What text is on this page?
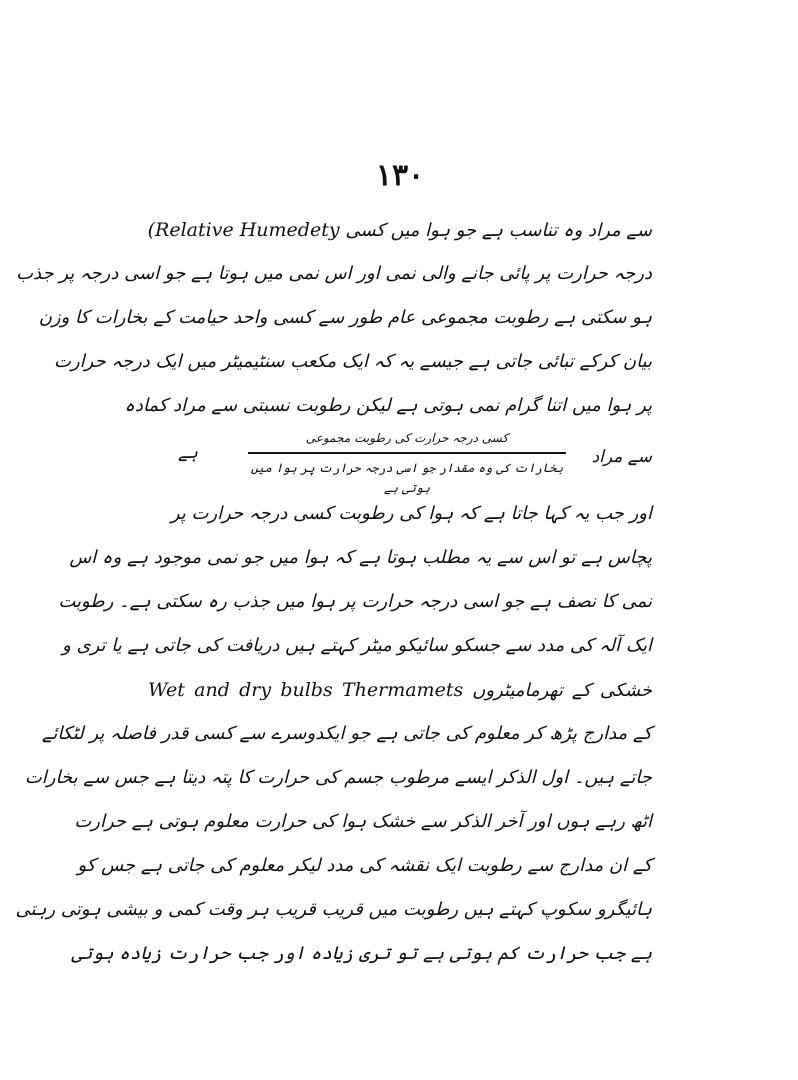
١٣٠
سے مراد وہ تناسب ہے جو ہوا میں کسی (Relative Humedety
درجہ حرارت پر پائی جانے والی نمی اور اس نمی میں ہوتا ہے جو اسی درجہ پر جذب
ہو سکتی ہے رطوبت مجموعی عام طور سے کسی واحد حیامت کے بخارات کا وزن
بیان کرکے تبائی جاتی ہے جیسے یہ کہ ایک مکعب سنٹیمیٹر میں ایک درجہ حرارت
پر ہوا میں اتنا گرام نمی ہوتی ہے لیکن رطوبت نسبتی سے مراد کمادہ
سے مراد
کسی درجہ حرارت کی رطوبت مجموعی
بخارات کی وہ مقدار جو اسی درجہ حرارت پر ہوا میں ہوتی ہے
ہے
اور جب یہ کہا جاتا ہے کہ ہوا کی رطوبت کسی درجہ حرارت پر
پچاس ہے تو اس سے یہ مطلب ہوتا ہے کہ ہوا میں جو نمی موجود ہے وہ اس
نمی کا نصف ہے جو اسی درجہ حرارت پر ہوا میں جذب رہ سکتی ہے۔ رطوبت
ایک آلہ کی مدد سے جسکو سائیکو میٹر کہتے ہیں دریافت کی جاتی ہے یا تری و
خشکی کے تھرمامیٹروں Wet and dry bulbs Thermamets
کے مدارج پڑھ کر معلوم کی جاتی ہے جو ایکدوسرے سے کسی قدر فاصلہ پر لٹکائے
جاتے ہیں۔ اول الذکر ایسے مرطوب جسم کی حرارت کا پتہ دیتا ہے جس سے بخارات
اٹھ رہے ہوں اور آخر الذکر سے خشک ہوا کی حرارت معلوم ہوتی ہے حرارت
کے ان مدارج سے رطوبت ایک نقشہ کی مدد لیکر معلوم کی جاتی ہے جس کو
ہائیگرو سکوپ کہتے ہیں رطوبت میں قریب قریب ہر وقت کمی و بیشی ہوتی رہتی
ہے جب حرارت کم ہوتی ہے تو تری زیادہ اور جب حرارت زیادہ ہوتی
